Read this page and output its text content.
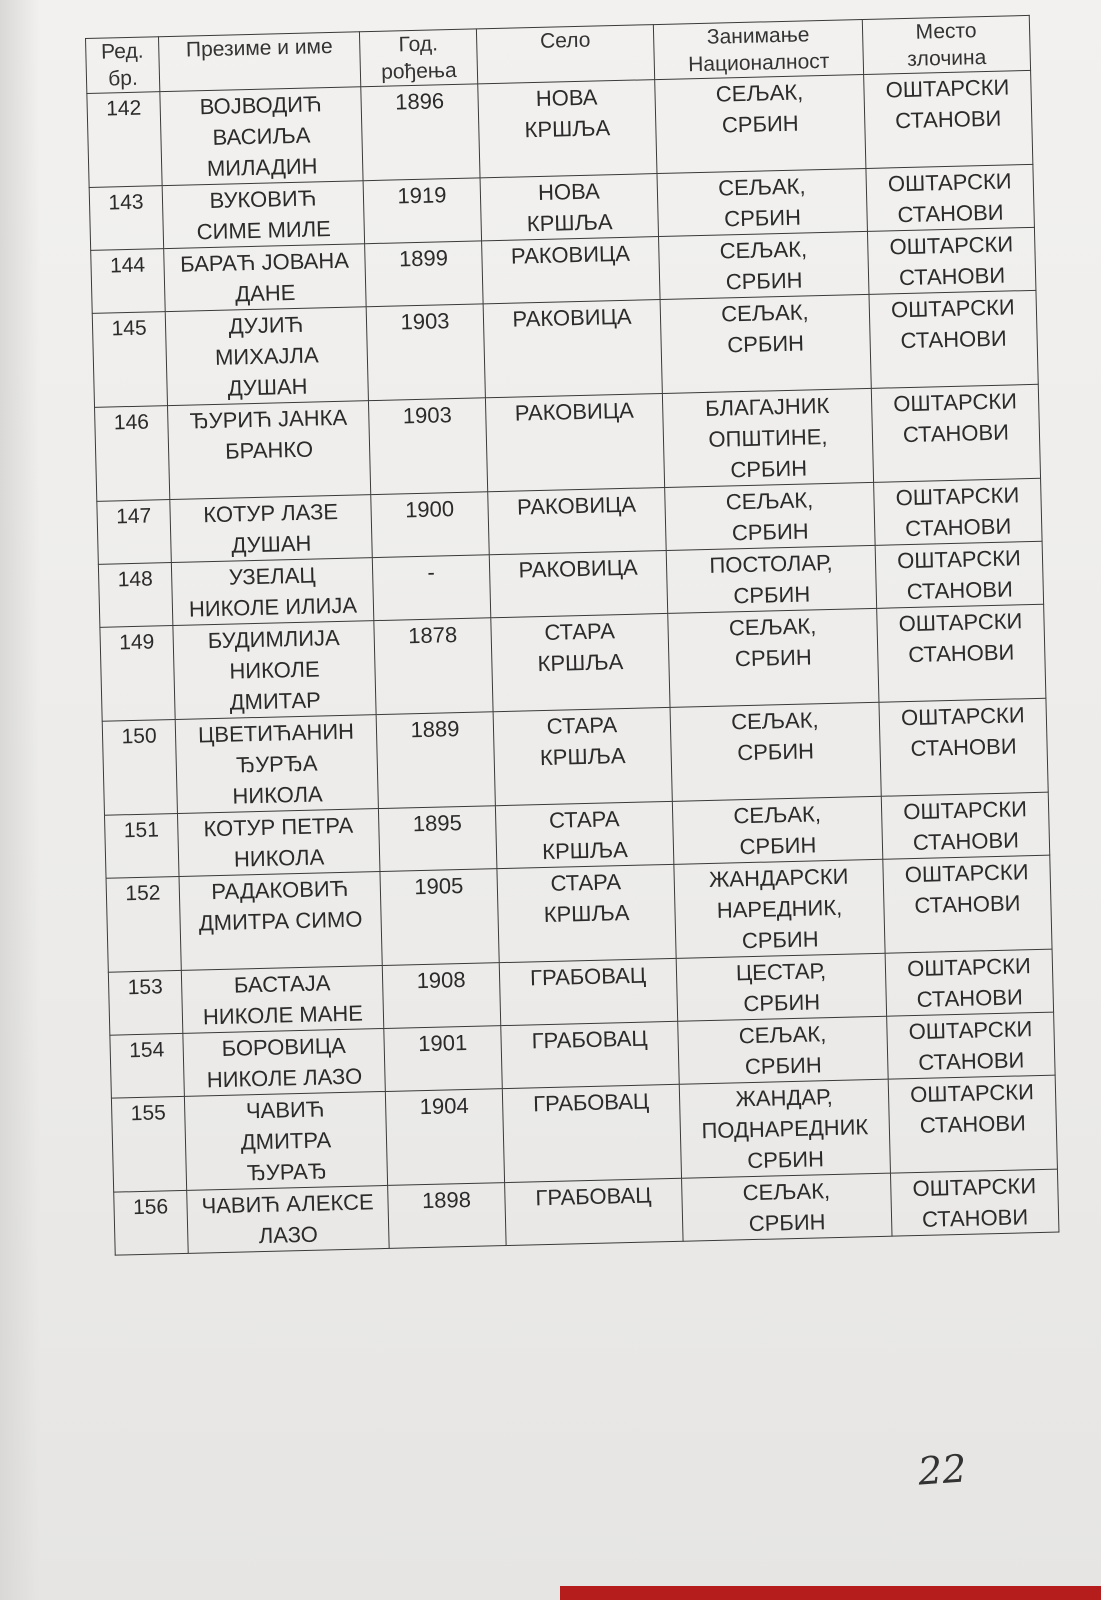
Ред.
бр.	Презиме и име	Год.
рођења	Село	Занимање
Националност	Место
злочина
142	ВОЈВОДИЋ
ВАСИЉА
МИЛАДИН	1896	НОВА
КРШЉА	СЕЉАК,
СРБИН	ОШТАРСКИ
СТАНОВИ
143	ВУКОВИЋ
СИМЕ МИЛЕ	1919	НОВА
КРШЉА	СЕЉАК,
СРБИН	ОШТАРСКИ
СТАНОВИ
144	БАРАЋ ЈОВАНА
ДАНЕ	1899	РАКОВИЦА	СЕЉАК,
СРБИН	ОШТАРСКИ
СТАНОВИ
145	ДУЈИЋ
МИХАЈЛА
ДУШАН	1903	РАКОВИЦА	СЕЉАК,
СРБИН	ОШТАРСКИ
СТАНОВИ
146	ЂУРИЋ ЈАНКА
БРАНКО	1903	РАКОВИЦА	БЛАГАЈНИК
ОПШТИНЕ,
СРБИН	ОШТАРСКИ
СТАНОВИ
147	КОТУР ЛАЗЕ
ДУШАН	1900	РАКОВИЦА	СЕЉАК,
СРБИН	ОШТАРСКИ
СТАНОВИ
148	УЗЕЛАЦ
НИКОЛЕ ИЛИЈА	-	РАКОВИЦА	ПОСТОЛАР,
СРБИН	ОШТАРСКИ
СТАНОВИ
149	БУДИМЛИЈА
НИКОЛЕ
ДМИТАР	1878	СТАРА
КРШЉА	СЕЉАК,
СРБИН	ОШТАРСКИ
СТАНОВИ
150	ЦВЕТИЋАНИН
ЂУРЂА
НИКОЛА	1889	СТАРА
КРШЉА	СЕЉАК,
СРБИН	ОШТАРСКИ
СТАНОВИ
151	КОТУР ПЕТРА
НИКОЛА	1895	СТАРА
КРШЉА	СЕЉАК,
СРБИН	ОШТАРСКИ
СТАНОВИ
152	РАДАКОВИЋ
ДМИТРА СИМО	1905	СТАРА
КРШЉА	ЖАНДАРСКИ
НАРЕДНИК,
СРБИН	ОШТАРСКИ
СТАНОВИ
153	БАСТАЈА
НИКОЛЕ МАНЕ	1908	ГРАБОВАЦ	ЦЕСТАР,
СРБИН	ОШТАРСКИ
СТАНОВИ
154	БОРОВИЦА
НИКОЛЕ ЛАЗО	1901	ГРАБОВАЦ	СЕЉАК,
СРБИН	ОШТАРСКИ
СТАНОВИ
155	ЧАВИЋ
ДМИТРА
ЂУРАЂ	1904	ГРАБОВАЦ	ЖАНДАР,
ПОДНАРЕДНИК
СРБИН	ОШТАРСКИ
СТАНОВИ
156	ЧАВИЋ АЛЕКСЕ
ЛАЗО	1898	ГРАБОВАЦ	СЕЉАК,
СРБИН	ОШТАРСКИ
СТАНОВИ
22
